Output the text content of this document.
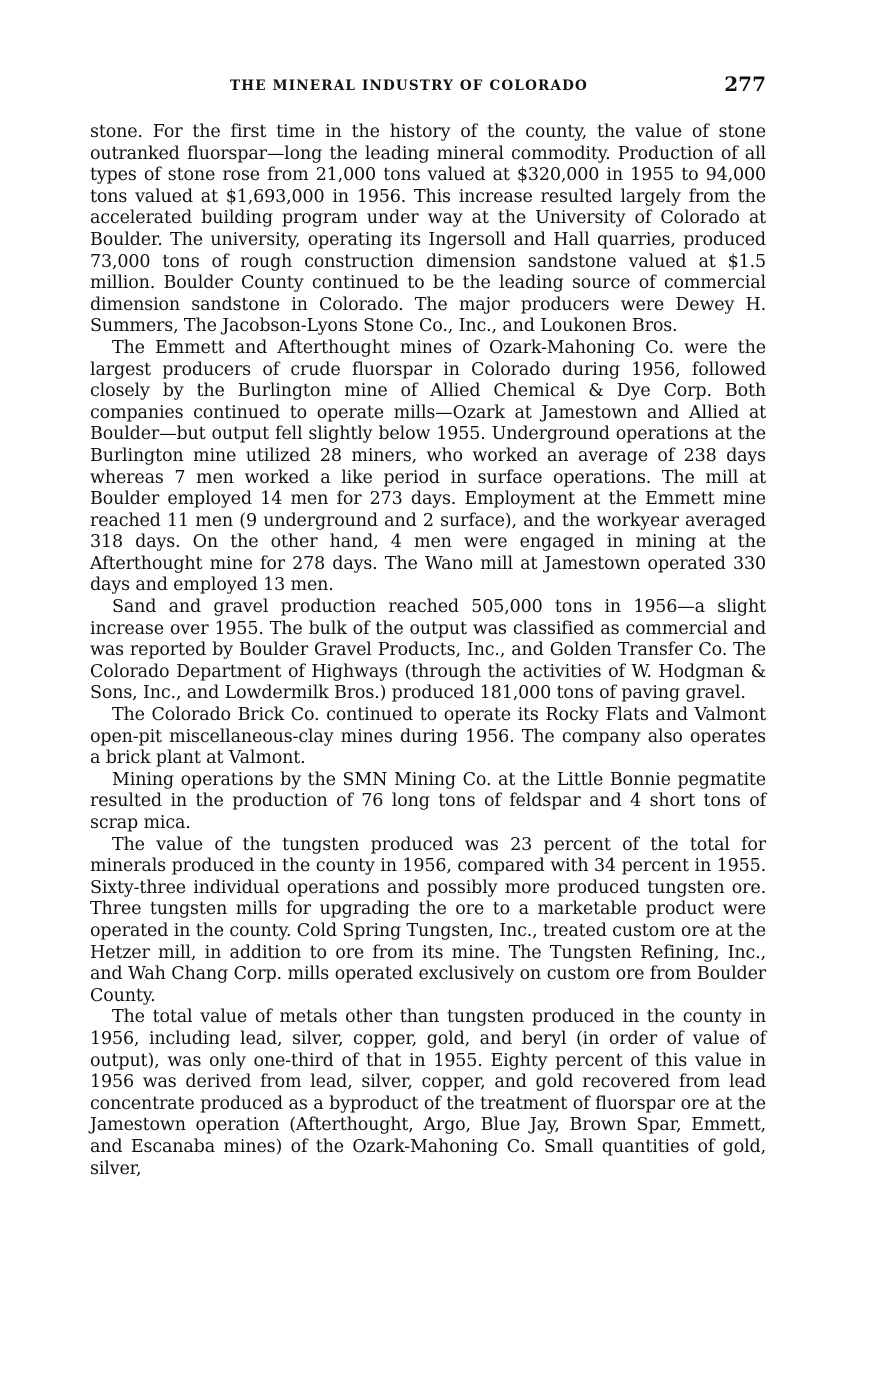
THE MINERAL INDUSTRY OF COLORADO	277

stone. For the first time in the history of the county, the value of stone outranked fluorspar—long the leading mineral commodity. Production of all types of stone rose from 21,000 tons valued at $320,000 in 1955 to 94,000 tons valued at $1,693,000 in 1956. This increase resulted largely from the accelerated building program under way at the University of Colorado at Boulder. The university, operating its Ingersoll and Hall quarries, produced 73,000 tons of rough construction dimension sandstone valued at $1.5 million. Boulder County continued to be the leading source of commercial dimension sandstone in Colorado. The major producers were Dewey H. Summers, The Jacobson-Lyons Stone Co., Inc., and Loukonen Bros.

The Emmett and Afterthought mines of Ozark-Mahoning Co. were the largest producers of crude fluorspar in Colorado during 1956, followed closely by the Burlington mine of Allied Chemical & Dye Corp. Both companies continued to operate mills—Ozark at Jamestown and Allied at Boulder—but output fell slightly below 1955. Underground operations at the Burlington mine utilized 28 miners, who worked an average of 238 days whereas 7 men worked a like period in surface operations. The mill at Boulder employed 14 men for 273 days. Employment at the Emmett mine reached 11 men (9 underground and 2 surface), and the workyear averaged 318 days. On the other hand, 4 men were engaged in mining at the Afterthought mine for 278 days. The Wano mill at Jamestown operated 330 days and employed 13 men.

Sand and gravel production reached 505,000 tons in 1956—a slight increase over 1955. The bulk of the output was classified as commercial and was reported by Boulder Gravel Products, Inc., and Golden Transfer Co. The Colorado Department of Highways (through the activities of W. Hodgman & Sons, Inc., and Lowdermilk Bros.) produced 181,000 tons of paving gravel.

The Colorado Brick Co. continued to operate its Rocky Flats and Valmont open-pit miscellaneous-clay mines during 1956. The company also operates a brick plant at Valmont.

Mining operations by the SMN Mining Co. at the Little Bonnie pegmatite resulted in the production of 76 long tons of feldspar and 4 short tons of scrap mica.

The value of the tungsten produced was 23 percent of the total for minerals produced in the county in 1956, compared with 34 percent in 1955. Sixty-three individual operations and possibly more produced tungsten ore. Three tungsten mills for upgrading the ore to a marketable product were operated in the county. Cold Spring Tungsten, Inc., treated custom ore at the Hetzer mill, in addition to ore from its mine. The Tungsten Refining, Inc., and Wah Chang Corp. mills operated exclusively on custom ore from Boulder County.

The total value of metals other than tungsten produced in the county in 1956, including lead, silver, copper, gold, and beryl (in order of value of output), was only one-third of that in 1955. Eighty percent of this value in 1956 was derived from lead, silver, copper, and gold recovered from lead concentrate produced as a byproduct of the treatment of fluorspar ore at the Jamestown operation (Afterthought, Argo, Blue Jay, Brown Spar, Emmett, and Escanaba mines) of the Ozark-Mahoning Co. Small quantities of gold, silver,
